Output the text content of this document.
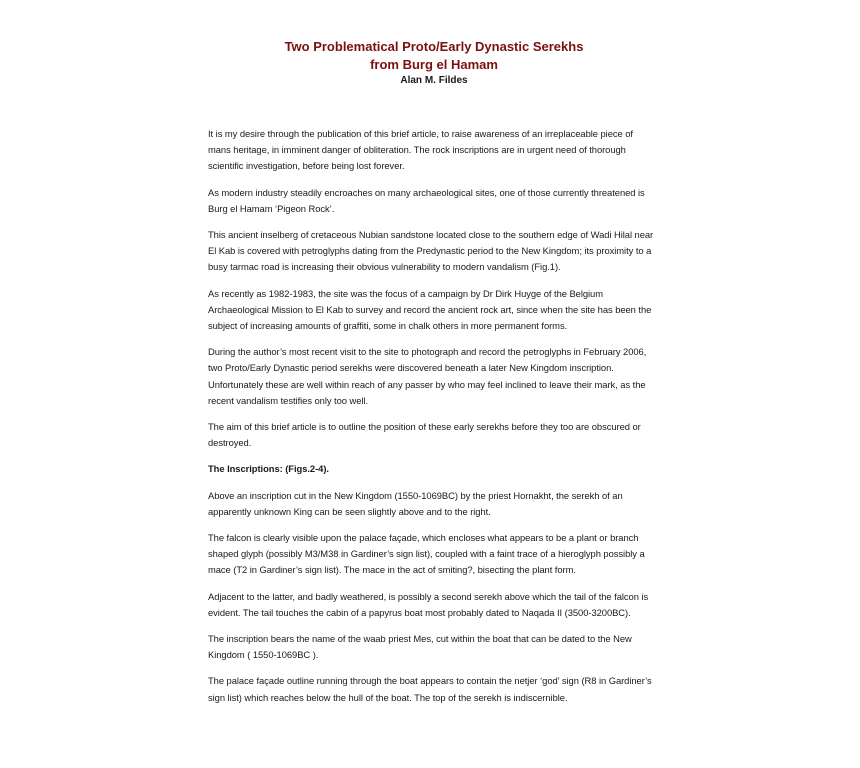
Two Problematical Proto/Early Dynastic Serekhs
from Burg el Hamam
Alan M. Fildes

It is my desire through the publication of this brief article, to raise awareness of an irreplaceable piece of mans heritage, in imminent danger of obliteration. The rock inscriptions are in urgent need of thorough scientific investigation, before being lost forever.

As modern industry steadily encroaches on many archaeological sites, one of those currently threatened is Burg el Hamam ‘Pigeon Rock’.

This ancient inselberg of cretaceous Nubian sandstone located close to the southern edge of Wadi Hilal near El Kab is covered with petroglyphs dating from the Predynastic period to the New Kingdom; its proximity to a busy tarmac road is increasing their obvious vulnerability to modern vandalism (Fig.1).

As recently as 1982-1983, the site was the focus of a campaign by Dr Dirk Huyge of the Belgium Archaeological Mission to El Kab to survey and record the ancient rock art, since when the site has been the subject of increasing amounts of graffiti, some in chalk others in more permanent forms.

During the author’s most recent visit to the site to photograph and record the petroglyphs in February 2006, two Proto/Early Dynastic period serekhs were discovered beneath a later New Kingdom inscription. Unfortunately these are well within reach of any passer by who may feel inclined to leave their mark, as the recent vandalism testifies only too well.

The aim of this brief article is to outline the position of these early serekhs before they too are obscured or destroyed.

The Inscriptions: (Figs.2-4).

Above an inscription cut in the New Kingdom (1550-1069BC) by the priest Hornakht, the serekh of an apparently unknown King can be seen slightly above and to the right.

The falcon is clearly visible upon the palace façade, which encloses what appears to be a plant or branch shaped glyph (possibly M3/M38 in Gardiner’s sign list), coupled with a faint trace of a hieroglyph possibly a mace (T2 in Gardiner’s sign list). The mace in the act of smiting?, bisecting the plant form.

Adjacent to the latter, and badly weathered, is possibly a second serekh above which the tail of the falcon is evident. The tail touches the cabin of a papyrus boat most probably dated to Naqada II (3500-3200BC).

The inscription bears the name of the waab priest Mes, cut within the boat that can be dated to the New Kingdom ( 1550-1069BC ).

The palace façade outline running through the boat appears to contain the netjer ‘god’ sign (R8 in Gardiner’s sign list) which reaches below the hull of the boat. The top of the serekh is indiscernible.
